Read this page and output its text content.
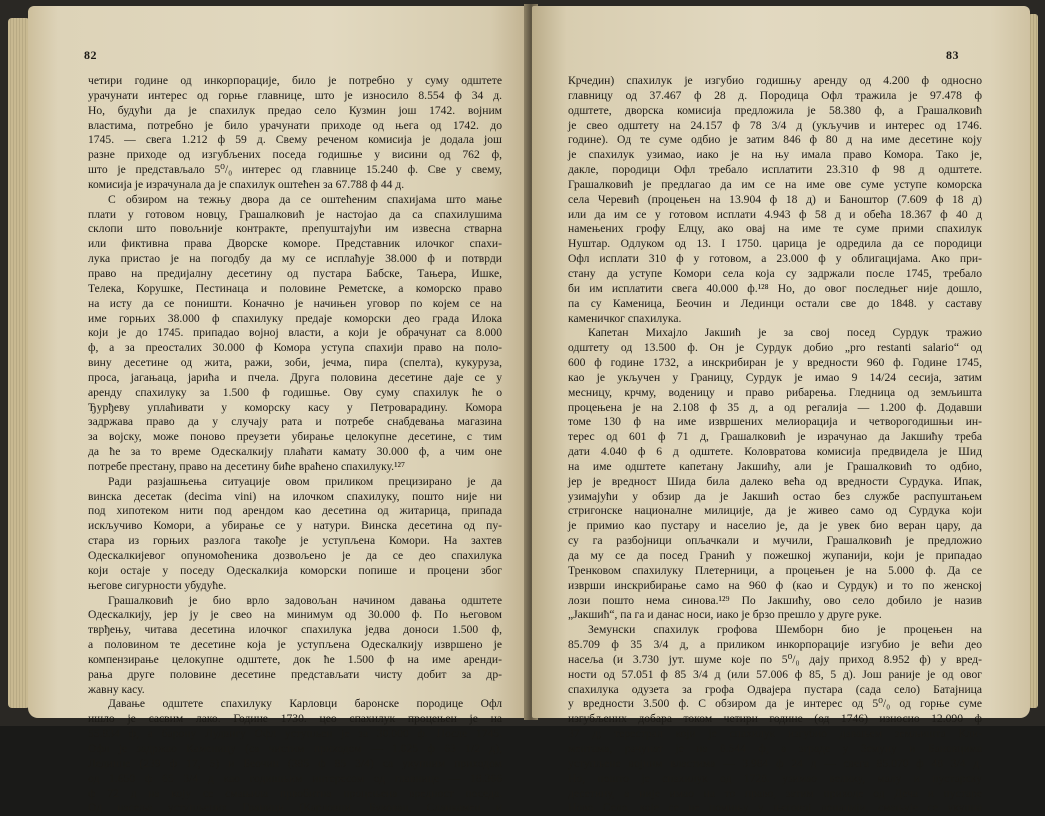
82
четири године од инкорпорације, било је потребно у суму одштете
урачунати интерес од горње главнице, што је износило 8.554 ф 34 д.
Но, будући да је спахилук предао село Кузмин још 1742. војним
властима, потребно је било урачунати приходе од њега од 1742. до
1745. — свега 1.212 ф 59 д. Свему реченом комисија је додала још
разне приходе од изгубљених поседа годишње у висини од 762 ф,
што је представљало 5⁰/₀ интерес од главнице 15.240 ф. Све у свему,
комисија је израчунала да је спахилук оштећен за 67.788 ф 44 д.
С обзиром на тежњу двора да се оштећеним спахијама што мање
плати у готовом новцу, Грашалковић је настојао да са спахилушима
склопи што повољније контракте, препуштајући им извесна стварна
или фиктивна права Дворске коморе. Представник илочког спахи-
лука пристао је на погодбу да му се исплаћује 38.000 ф и потврди
право на предијалну десетину од пустара Бабске, Тањера, Ишке,
Телека, Корушке, Пестинаца и половине Реметске, а коморско право
на исту да се поништи. Коначно је начињен уговор по којем се на
име горњих 38.000 ф спахилуку предаје коморски део града Илока
који је до 1745. припадао војној власти, а који је обрачунат са 8.000
ф, а за преосталих 30.000 ф Комора уступа спахији право на поло-
вину десетине од жита, ражи, зоби, јечма, пира (спелта), кукуруза,
проса, јагањаца, јарића и пчела. Друга половина десетине даје се у
аренду спахилуку за 1.500 ф годишње. Ову суму спахилук ће о
Ђурђеву уплаћивати у коморску касу у Петроварадину. Комора
задржава право да у случају рата и потребе снабдевања магазина
за војску, може поново преузети убирање целокупне десетине, с тим
да ће за то време Одескалкију плаћати камату 30.000 ф, а чим оне
потребе престану, право на десетину биће враћено спахилуку.¹²⁷
Ради разјашњења ситуације овом приликом прецизирано је да
винска десетак (decima vini) на илочком спахилуку, пошто није ни
под хипотеком нити под арендом као десетина од житарица, припада
искључиво Комори, а убирање се у натури. Винска десетина од пу-
стара из горњих разлога такође је уступљена Комори. На захтев
Одескалкијевог опуномоћеника дозвољено је да се део спахилука
који остаје у поседу Одескалкија коморски попише и процени због
његове сигурности убудуће.
Грашалковић је био врло задовољан начином давања одштете
Одескалкију, јер ју је свео на минимум од 30.000 ф. По његовом
тврђењу, читава десетина илочког спахилука једва доноси 1.500 ф,
а половином те десетине која је уступљена Одескалкију извршено је
компензирање целокупне одштете, док ће 1.500 ф на име аренди-
рања друге половине десетине представљати чисту добит за др-
жавну касу.
Давање одштете спахилуку Карловци баронске породице Офл
ишло је сасвим лако. Године 1730. цео спахилук процењен је на
55.834 ф, а барону Лудвигу Офл уступљен је за 30.000 ф. После 1745.
Офл је задржао Каменицу (са чистим приходом — 1.025 ф 63 1/2 д),
Лединце (239 ф 17, 5) и Беочин (385 ф 85 3/4) са укупним приходом
од 1.650 ф 65 3/4 д као годишњим интересом од главнице — 18.366
ф 72 д на коју се смањила првобитна процењена вредност поседа.
Од насеља уступљених Граници (Карловци, Буковац, Сланкамен и
83
Крчедин) спахилук је изгубио годишњу аренду од 4.200 ф односно
главницу од 37.467 ф 28 д. Породица Офл тражила је 97.478 ф
одштете, дворска комисија предложила је 58.380 ф, а Грашалковић
је свео одштету на 24.157 ф 78 3/4 д (укључив и интерес од 1746.
године). Од те суме одбио је затим 846 ф 80 д на име десетине коју
је спахилук узимао, иако је на њу имала право Комора. Тако је,
дакле, породици Офл требало исплатити 23.310 ф 98 д одштете.
Грашалковић је предлагао да им се на име ове суме уступе коморска
села Черевић (процењен на 13.904 ф 18 д) и Баноштор (7.609 ф 18 д)
или да им се у готовом исплати 4.943 ф 58 д и обећа 18.367 ф 40 д
намењених грофу Елцу, ако овај на име те суме прими спахилук
Нуштар. Одлуком од 13. I 1750. царица је одредила да се породици
Офл исплати 310 ф у готовом, а 23.000 ф у облигацијама. Ако при-
стану да уступе Комори села која су задржали после 1745, требало
би им исплатити свега 40.000 ф.¹²⁸ Но, до овог последњег није дошло,
па су Каменица, Беочин и Лединци остали све до 1848. у саставу
каменичког спахилука.
Капетан Михајло Јакшић је за свој посед Сурдук тражио
одштету од 13.500 ф. Он је Сурдук добио „pro restanti salario“ од
600 ф године 1732, а инскрибиран је у вредности 960 ф. Године 1745,
као је укључен у Границу, Сурдук је имао 9 14/24 сесија, затим
месницу, крчму, воденицу и право рибарења. Гледница од земљишта
процењена је на 2.108 ф 35 д, а од регалија — 1.200 ф. Додавши
томе 130 ф на име извршених мелиорација и четворогодишњи ин-
терес од 601 ф 71 д, Грашалковић је израчунао да Јакшићу треба
дати 4.040 ф 6 д одштете. Коловратова комисија предвидела је Шид
на име одштете капетану Јакшићу, али је Грашалковић то одбио,
јер је вредност Шида била далеко већа од вредности Сурдука. Ипак,
узимајући у обзир да је Јакшић остао без службе распуштањем
стригонске националне милиције, да је живео само од Сурдука који
је примио као пустару и населио је, да је увек био веран цару, да
су га разбојници опљачкали и мучили, Грашалковић је предложио
да му се да посед Гранић у пожешкој жупанији, који је припадао
Тренковом спахилуку Плетерници, а процењен је на 5.000 ф. Да се
изврши инскрибирање само на 960 ф (као и Сурдук) и то по женској
лози пошто нема синова.¹²⁹ По Јакшићу, ово село добило је назив
„Јакшић“, па га и данас носи, иако је брзо прешло у друге руке.
Земунски спахилук грофова Шемборн био је процењен на
85.709 ф 35 3/4 д, а приликом инкорпорације изгубио је већи део
насеља (и 3.730 јут. шуме које по 5⁰/₀ дају приход 8.952 ф) у вред-
ности од 57.051 ф 85 3/4 д (или 57.006 ф 85, 5 д). Још раније је од овог
спахилука одузета за грофа Одвајера пустара (сада село) Батајница
у вредности 3.500 ф. С обзиром да је интерес од 5⁰/₀ од горње суме
изгубљених добара током четири године (од 1746) износио 12.090 ф
37 д; терестрал који је спахилук изгубио давањем земљишта Кли-
ментама, рачунат је на 8.544 ф, а зграде у Земуну и Бановцима
уступљене војним властима — 3.984 ф 24 д — свега 85.070 ф 48 3/4 д.
Но, пошто је спахилук од 1728. узимао велику, малу и пустарску
десетину, а није имао на то право, затим приходе од Деча и пустаре
Ново Село, које се не помињу у његовој донацији, смањује се укупна
